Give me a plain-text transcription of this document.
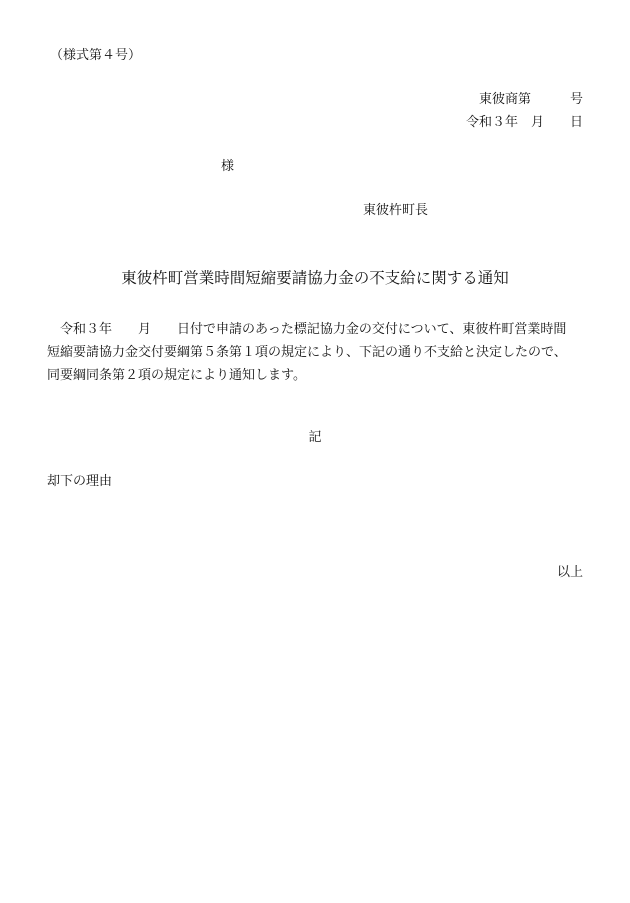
（様式第４号）
東彼商第　　　号
令和３年　月　　日
様
東彼杵町長
東彼杵町営業時間短縮要請協力金の不支給に関する通知
　令和３年　　月　　日付で申請のあった標記協力金の交付について、東彼杵町営業時間
短縮要請協力金交付要綱第５条第１項の規定により、下記の通り不支給と決定したので、
同要綱同条第２項の規定により通知します。
記
却下の理由
以上
